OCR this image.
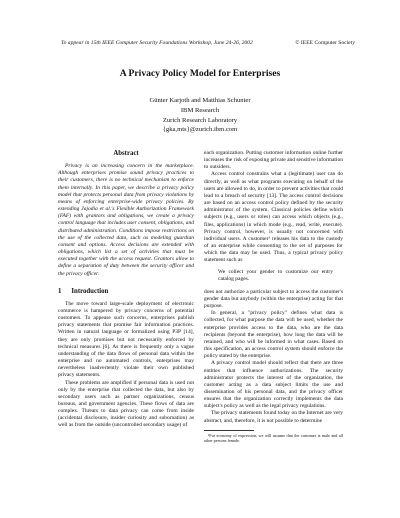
To appear in 15th IEEE Computer Security Foundations Workshop, June 24-26, 2002	© IEEE Computer Society
A Privacy Policy Model for Enterprises
Günter Karjoth and Matthias Schunter
IBM Research
Zurich Research Laboratory
{gka,mts}@zurich.ibm.com
Abstract

Privacy is an increasing concern in the marketplace. Although enterprises promise sound privacy practices to their customers, there is no technical mechanism to enforce them internally. In this paper, we describe a privacy policy model that protects personal data from privacy violations by means of enforcing enterprise-wide privacy policies. By extending Jajodia et al.'s Flexible Authorization Framework (FAF) with grantors and obligations, we create a privacy control language that includes user consent, obligations, and distributed administration. Conditions impose restrictions on the use of the collected data, such as modeling guardian consent and options. Access decisions are extended with obligations, which list a set of activities that must be executed together with the access request. Grantors allow to define a separation of duty between the security officer and the privacy officer.

1 Introduction

The move toward large-scale deployment of electronic commerce is hampered by privacy concerns of potential customers. To appease such concerns, enterprises publish privacy statements that promise fair information practices. Written in natural language or formalized using P3P [14], they are only promises but not necessarily enforced by technical measures [6]. As there is frequently only a vague understanding of the data flows of personal data within the enterprise and no automated controls, enterprises may nevertheless inadvertently violate their own published privacy statements.

These problems are amplified if personal data is used not only by the enterprise that collected the data, but also by secondary users such as partner organizations, census bureaus, and government agencies. These flows of data are complex. Threats to data privacy can come from inside (accidental disclosure, insider curiosity and subornation) as well as from the outside (uncontrolled secondary usage) of

each organization. Putting customer information online further increases the risk of exposing private and sensitive information to outsiders.

Access control constrains what a (legitimate) user can do directly, as well as what programs executing on behalf of the users are allowed to do, in order to prevent activities that could lead to a breach of security [13]. The access control decisions are based on an access control policy defined by the security administrator of the system. Classical policies define which subjects (e.g., users or roles) can access which objects (e.g., files, applications) in which mode (e.g., read, write, execute). Privacy control, however, is usually not concerned with individual users. A customer¹ releases his data to the custody of an enterprise while consenting to the set of purposes for which the data may be used. Thus, a typical privacy policy statement such as

We collect your gender to customize our entry catalog pages.

does not authorize a particular subject to access the customer's gender data but anybody (within the enterprise) acting for that purpose.

In general, a "privacy policy" defines what data is collected, for what purpose the data will be used, whether the enterprise provides access to the data, who are the data recipients (beyond the enterprise), how long the data will be retained, and who will be informed in what cases. Based on this specification, an access control system should enforce the policy stated by the enterprise.

A privacy control model should reflect that there are three entities that influence authorizations. The security administrator protects the interest of the organization, the customer acting as a data subject limits the use and dissemination of his personal data, and the privacy officer ensures that the organization correctly implements the data subject's policy as well as the legal privacy regulations.

The privacy statements found today on the Internet are very abstract, and, therefore, it is not possible to determine

¹For economy of expression, we will assume that the customer is male and all other persons female.
